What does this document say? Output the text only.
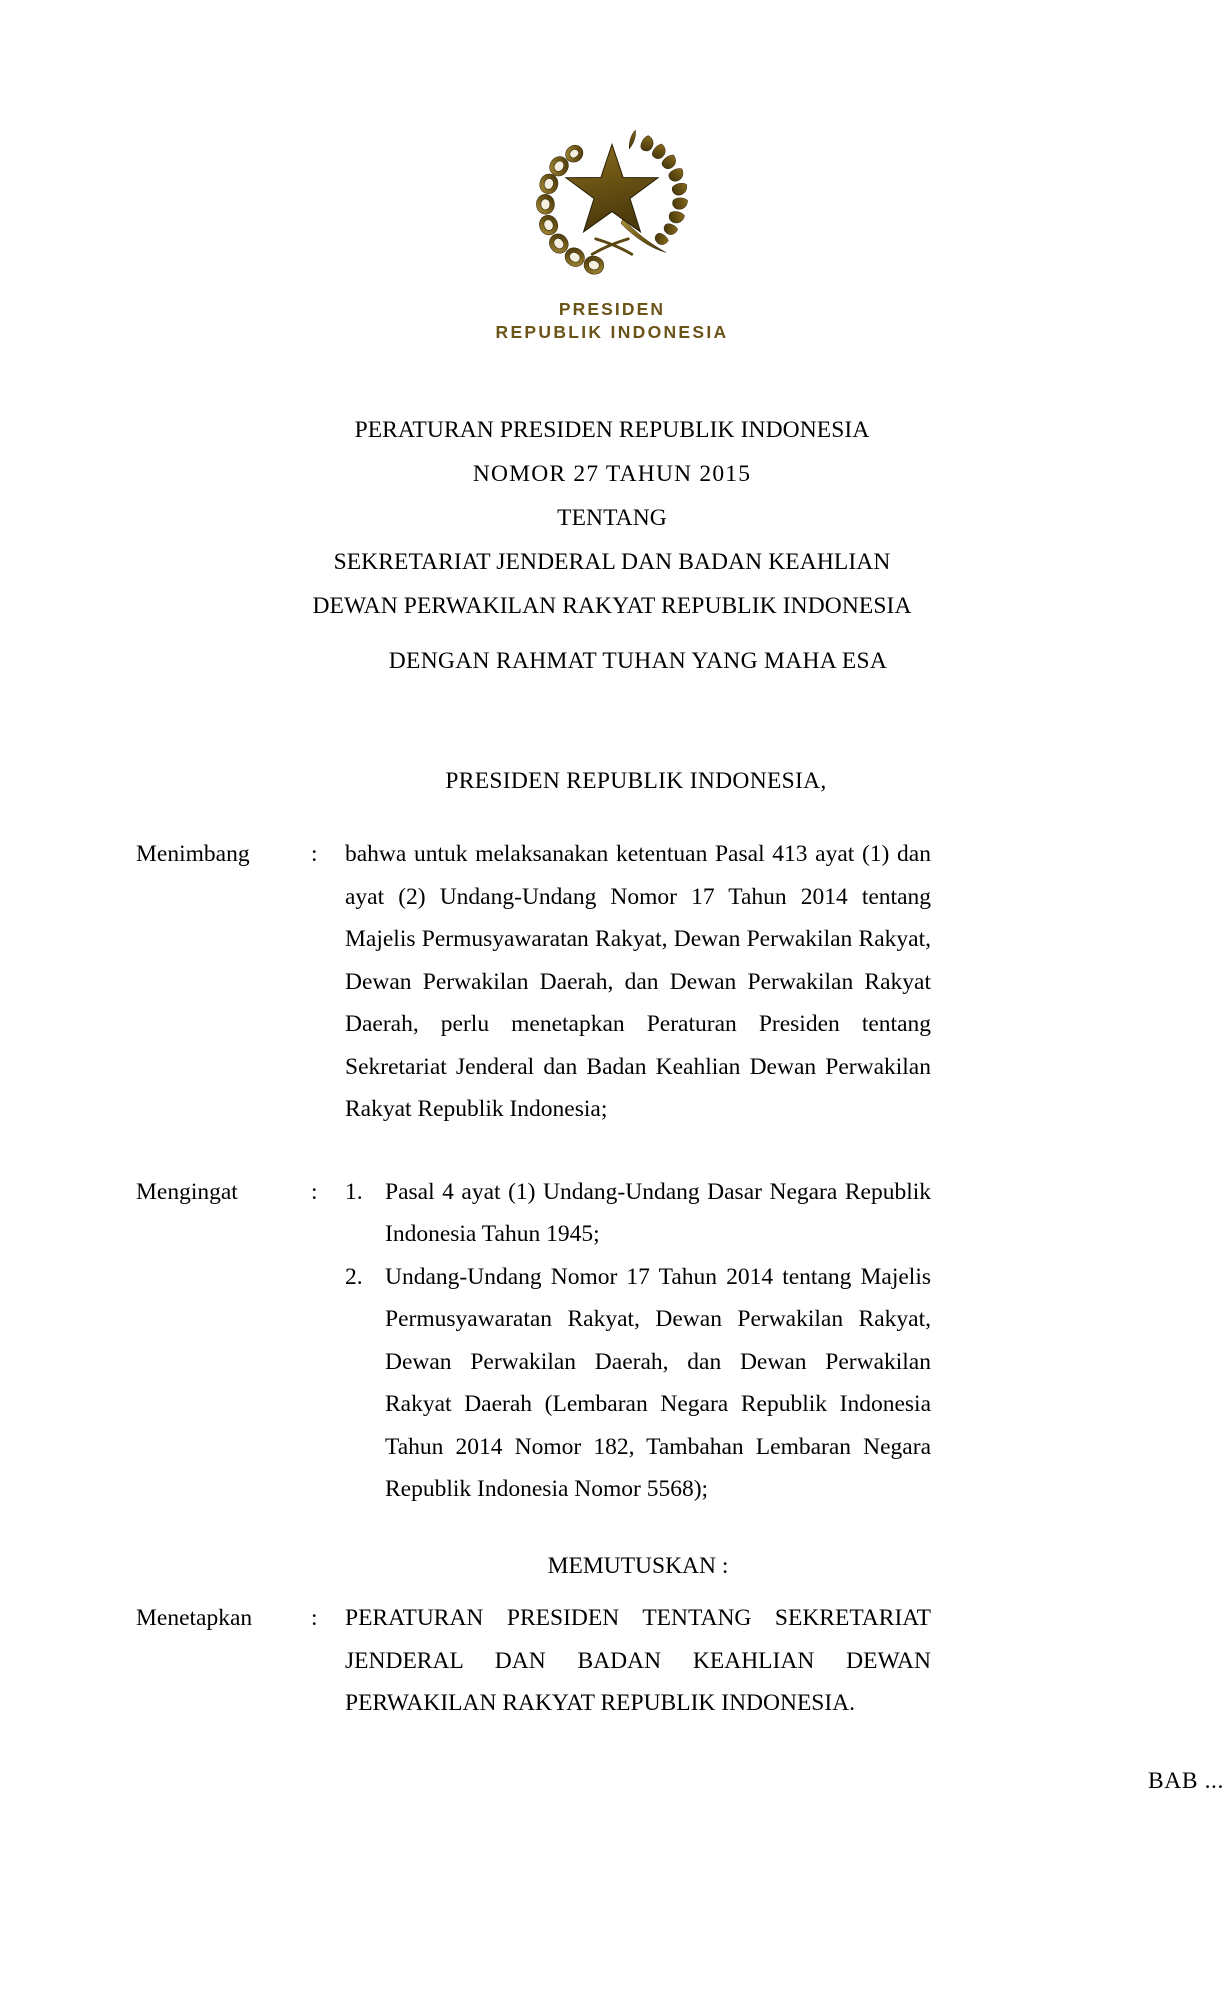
PRESIDEN
REPUBLIK INDONESIA
PERATURAN PRESIDEN REPUBLIK INDONESIA
NOMOR 27 TAHUN 2015
TENTANG
SEKRETARIAT JENDERAL DAN BADAN KEAHLIAN
DEWAN PERWAKILAN RAKYAT REPUBLIK INDONESIA
DENGAN RAHMAT TUHAN YANG MAHA ESA
PRESIDEN REPUBLIK INDONESIA,
Menimbang	:	bahwa untuk melaksanakan ketentuan Pasal 413 ayat (1) dan ayat (2) Undang-Undang Nomor 17 Tahun 2014 tentang Majelis Permusyawaratan Rakyat, Dewan Perwakilan Rakyat, Dewan Perwakilan Daerah, dan Dewan Perwakilan Rakyat Daerah, perlu menetapkan Peraturan Presiden tentang Sekretariat Jenderal dan Badan Keahlian Dewan Perwakilan Rakyat Republik Indonesia;

Mengingat	:	1. Pasal 4 ayat (1) Undang-Undang Dasar Negara Republik Indonesia Tahun 1945;
2. Undang-Undang Nomor 17 Tahun 2014 tentang Majelis Permusyawaratan Rakyat, Dewan Perwakilan Rakyat, Dewan Perwakilan Daerah, dan Dewan Perwakilan Rakyat Daerah (Lembaran Negara Republik Indonesia Tahun 2014 Nomor 182, Tambahan Lembaran Negara Republik Indonesia Nomor 5568);
MEMUTUSKAN :
Menetapkan	:	PERATURAN PRESIDEN TENTANG SEKRETARIAT JENDERAL DAN BADAN KEAHLIAN DEWAN PERWAKILAN RAKYAT REPUBLIK INDONESIA.

BAB ...
